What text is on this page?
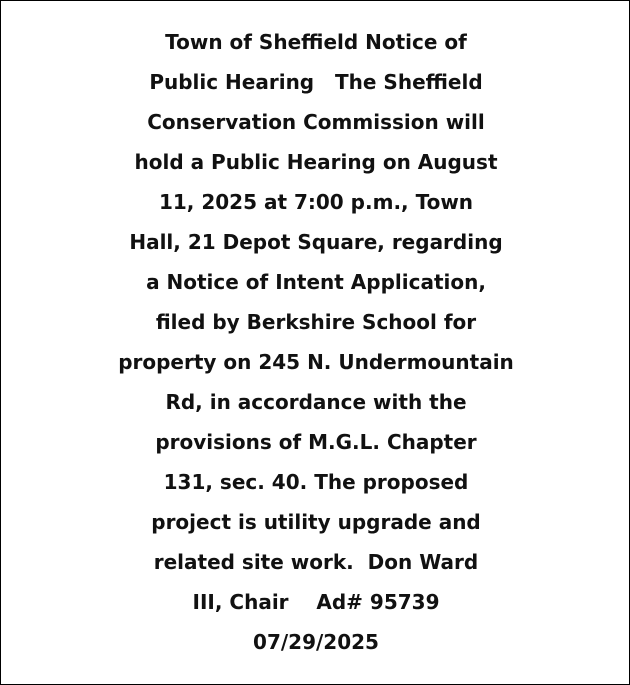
Town of Sheffield Notice of
Public Hearing   The Sheffield
Conservation Commission will
hold a Public Hearing on August
11, 2025 at 7:00 p.m., Town
Hall, 21 Depot Square, regarding
a Notice of Intent Application,
filed by Berkshire School for
property on 245 N. Undermountain
Rd, in accordance with the
provisions of M.G.L. Chapter
131, sec. 40. The proposed
project is utility upgrade and
related site work.  Don Ward
III, Chair    Ad# 95739
07/29/2025
